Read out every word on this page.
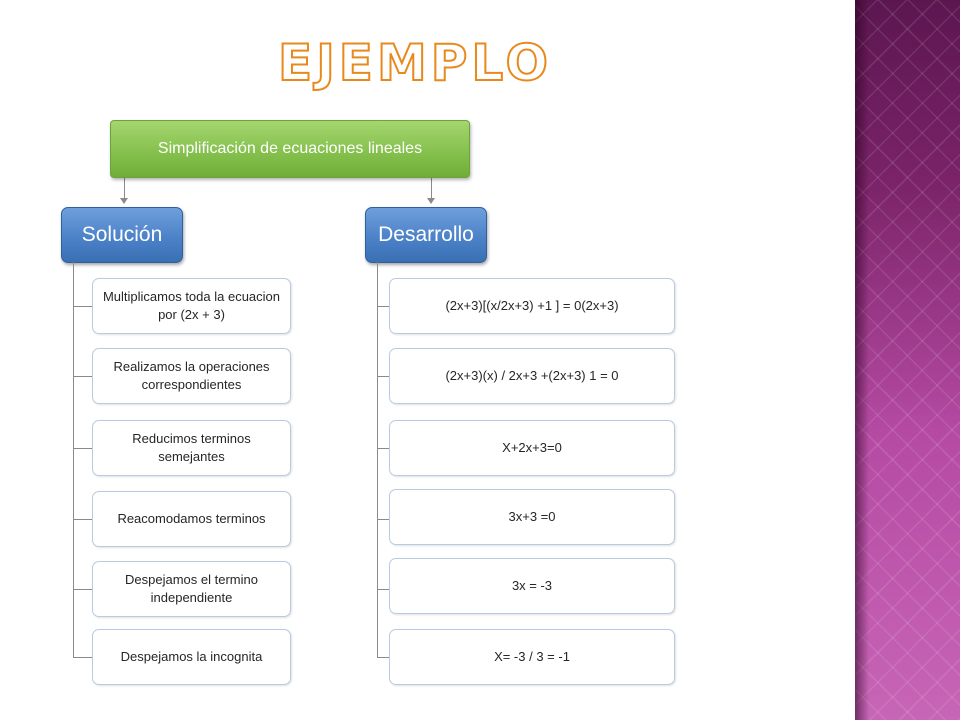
EJEMPLO
Simplificación de ecuaciones lineales
Solución
Multiplicamos toda la ecuacion por (2x + 3)
Realizamos la operaciones correspondientes
Reducimos terminos semejantes
Reacomodamos terminos
Despejamos el termino independiente
Despejamos la incognita
Desarrollo
(2x+3)[(x/2x+3) +1 ] = 0(2x+3)
(2x+3)(x) / 2x+3 +(2x+3) 1 = 0
X+2x+3=0
3x+3 =0
3x = -3
X= -3 / 3 = -1
